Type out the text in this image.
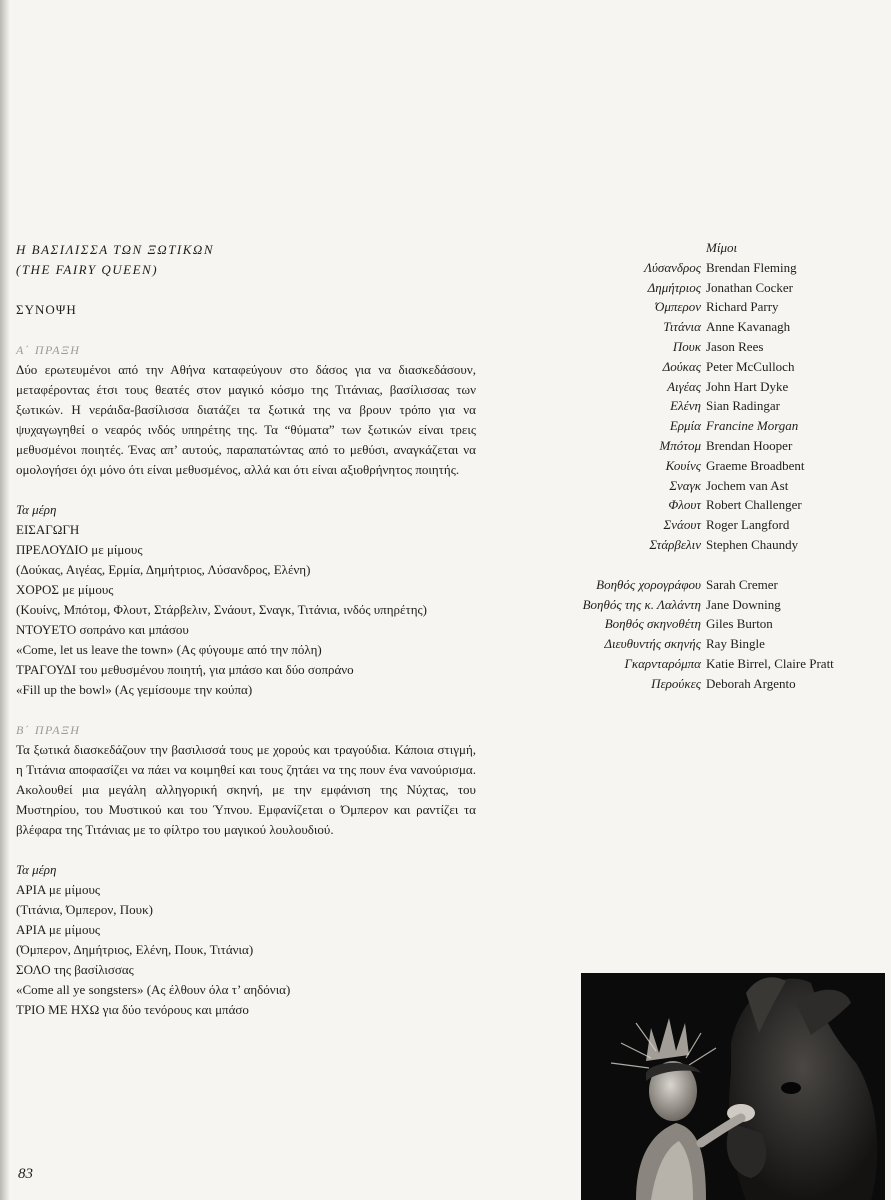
Η ΒΑΣΙΛΙΣΣΑ ΤΩΝ ΞΩΤΙΚΩΝ

(THE FAIRY QUEEN)

ΣΥΝΟΨΗ

Α΄ ΠΡΑΞΗ

Δύο ερωτευμένοι από την Αθήνα καταφεύγουν στο δάσος για να διασκεδάσουν, μεταφέροντας έτσι τους θεατές στον μαγικό κόσμο της Τιτάνιας, βασίλισσας των ξωτικών. Η νεράιδα-βασίλισσα διατάζει τα ξωτικά της να βρουν τρόπο για να ψυχαγωγηθεί ο νεαρός ινδός υπηρέτης της. Τα “θύματα” των ξωτικών είναι τρεις μεθυσμένοι ποιητές. Ένας απ’ αυτούς, παραπατώντας από το μεθύσι, αναγκάζεται να ομολογήσει όχι μόνο ότι είναι μεθυσμένος, αλλά και ότι είναι αξιοθρήνητος ποιητής.

Τα μέρη

ΕΙΣΑΓΩΓΗ

ΠΡΕΛΟΥΔΙΟ με μίμους

(Δούκας, Αιγέας, Ερμία, Δημήτριος, Λύσανδρος, Ελένη)

ΧΟΡΟΣ με μίμους

(Κουίνς, Μπότομ, Φλουτ, Στάρβελιν, Σνάουτ, Σναγκ, Τιτάνια, ινδός υπηρέτης)

ΝΤΟΥΕΤΟ σοπράνο και μπάσου

«Come, let us leave the town» (Ας φύγουμε από την πόλη)

ΤΡΑΓΟΥΔΙ του μεθυσμένου ποιητή, για μπάσο και δύο σοπράνο

«Fill up the bowl» (Ας γεμίσουμε την κούπα)

Β΄ ΠΡΑΞΗ

Τα ξωτικά διασκεδάζουν την βασιλισσά τους με χορούς και τραγούδια. Κάποια στιγμή, η Τιτάνια αποφασίζει να πάει να κοιμηθεί και τους ζητάει να της πουν ένα νανούρισμα. Ακολουθεί μια μεγάλη αλληγορική σκηνή, με την εμφάνιση της Νύχτας, του Μυστηρίου, του Μυστικού και του Ύπνου. Εμφανίζεται ο Όμπερον και ραντίζει τα βλέφαρα της Τιτάνιας με το φίλτρο του μαγικού λουλουδιού.

Τα μέρη

ΑΡΙΑ με μίμους

(Τιτάνια, Όμπερον, Πουκ)

ΑΡΙΑ με μίμους

(Όμπερον, Δημήτριος, Ελένη, Πουκ, Τιτάνια)

ΣΟΛΟ της βασίλισσας

«Come all ye songsters» (Ας έλθουν όλα τ’ αηδόνια)

ΤΡΙΟ ΜΕ ΗΧΩ για δύο τενόρους και μπάσο

Μίμοι
Λύσανδρος Brendan Fleming
Δημήτριος Jonathan Cocker
Όμπερον Richard Parry
Τιτάνια Anne Kavanagh
Πουκ Jason Rees
Δούκας Peter McCulloch
Αιγέας John Hart Dyke
Ελένη Sian Radingar
Ερμία Francine Morgan
Μπότομ Brendan Hooper
Κουίνς Graeme Broadbent
Σναγκ Jochem van Ast
Φλουτ Robert Challenger
Σνάουτ Roger Langford
Στάρβελιν Stephen Chaundy
Βοηθός χορογράφου Sarah Cremer
Βοηθός της κ. Λαλάντη Jane Downing
Βοηθός σκηνοθέτη Giles Burton
Διευθυντής σκηνής Ray Bingle
Γκαρνταρόμπα Katie Birrel, Claire Pratt
Περούκες Deborah Argento
83
